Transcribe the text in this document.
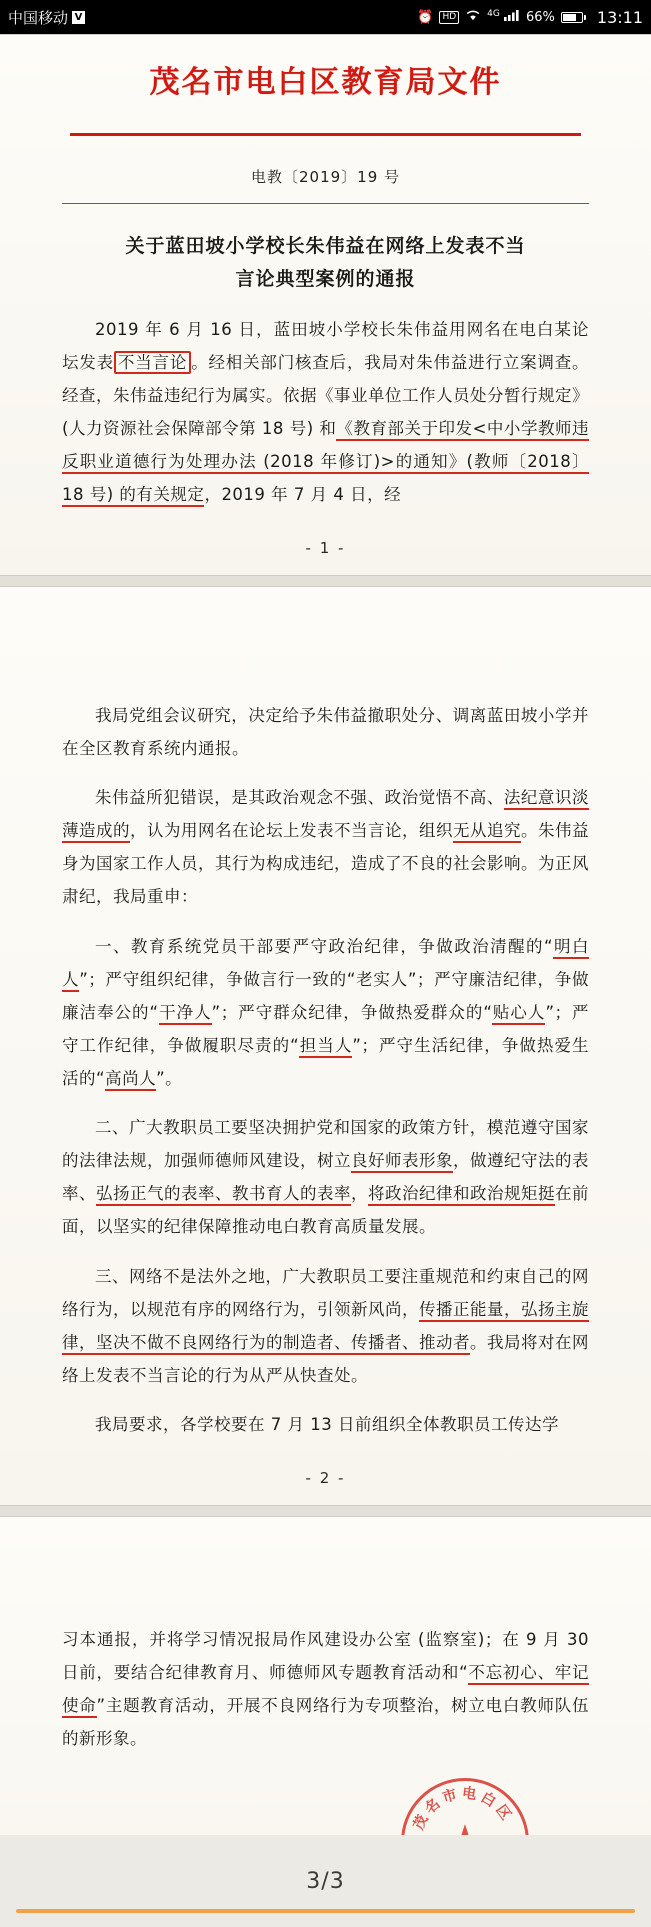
中国移动 V	⏰	HD	$^{4G}$	66%	13:11
茂名市电白区教育局文件
电教〔2019〕19 号
关于蓝田坡小学校长朱伟益在网络上发表不当
言论典型案例的通报

2019 年 6 月 16 日，蓝田坡小学校长朱伟益用网名在电白某论坛发表 不当言论 。经相关部门核查后，我局对朱伟益进行立案调查。经查，朱伟益违纪行为属实。依据《事业单位工作人员处分暂行规定》(人力资源社会保障部令第 18 号) 和《教育部关于印发<中小学教师违反职业道德行为处理办法 (2018 年修订)>的通知》(教师〔2018〕18 号) 的有关规定，2019 年 7 月 4 日，经

- 1 -

我局党组会议研究，决定给予朱伟益撤职处分、调离蓝田坡小学并在全区教育系统内通报。

朱伟益所犯错误，是其政治观念不强、政治觉悟不高、法纪意识淡薄造成的，认为用网名在论坛上发表不当言论，组织无从追究。朱伟益身为国家工作人员，其行为构成违纪，造成了不良的社会影响。为正风肃纪，我局重申：

一、教育系统党员干部要严守政治纪律，争做政治清醒的“明白人”；严守组织纪律，争做言行一致的“老实人”；严守廉洁纪律，争做廉洁奉公的“干净人”；严守群众纪律，争做热爱群众的“贴心人”；严守工作纪律，争做履职尽责的“担当人”；严守生活纪律，争做热爱生活的“高尚人”。

二、广大教职员工要坚决拥护党和国家的政策方针，模范遵守国家的法律法规，加强师德师风建设，树立良好师表形象，做遵纪守法的表率、弘扬正气的表率、教书育人的表率，将政治纪律和政治规矩挺在前面，以坚实的纪律保障推动电白教育高质量发展。

三、网络不是法外之地，广大教职员工要注重规范和约束自己的网络行为，以规范有序的网络行为，引领新风尚，传播正能量，弘扬主旋律，坚决不做不良网络行为的制造者、传播者、推动者。我局将对在网络上发表不当言论的行为从严从快查处。

我局要求，各学校要在 7 月 13 日前组织全体教职员工传达学

- 2 -

习本通报，并将学习情况报局作风建设办公室 (监察室)；在 9 月 30 日前，要结合纪律教育月、师德师风专题教育活动和“不忘初心、牢记使命”主题教育活动，开展不良网络行为专项整治，树立电白教师队伍的新形象。

茂名市电白区
3/3
